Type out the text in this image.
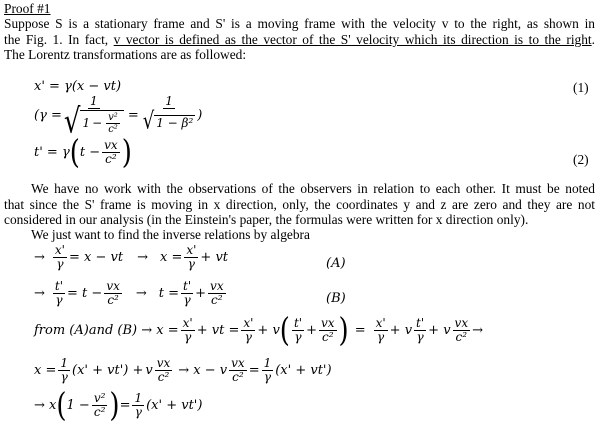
Proof #1
Suppose S is a stationary frame and S' is a moving frame with the velocity v to the right, as shown in
the Fig. 1. In fact, v vector is defined as the vector of the S' velocity which its direction is to the right.
The Lorentz transformations are as followed:
x' = γ(x − vt)	(1)
($\gamma = \frac{1}{√ 1 - \frac{\text{v²}}{\text{c²}}} = \frac{1}{\text{√ 1 − β²}}$ )
t' = γ ( $t - \frac{vx}{\text{c²}}$ )	(2)
We have no work with the observations of the observers in relation to each other. It must be noted
that since the S' frame is moving in x direction, only, the coordinates y and z are zero and they are not
considered in our analysis (in the Einstein's paper, the formulas were written for x direction only).
We just want to find the inverse relations by algebra
→ $\frac{x'}{\gamma} = x$ − vt → $x = \frac{x'}{\gamma}$ + vt	(A)
→ $\frac{t'}{\gamma} = t - \frac{vx}{\text{c²}} \to t = \frac{t'}{\gamma} + \frac{vx}{\text{c²}}$	(B)
from (A)and $(B) \to x = \frac{x'}{\gamma}$ + vt = $\frac{x'}{\gamma} + v$ ( $\frac{t'}{\gamma} + \frac{vx}{\text{c²}}$ ) = $\frac{x'}{\gamma} + v \frac{t'}{\gamma} + v \frac{vx}{\text{c²}}$ →
$x = \frac{1}{\gamma} (x' + vt') + v \frac{vx}{\text{c²}} \to x - v \frac{vx}{\text{c²}} = \frac{1}{\gamma} (x' + vt')$
→ x ( $1 - \frac{\text{v²}}{\text{c²}}$ ) = $\frac{1}{\gamma} (x' + vt')$
